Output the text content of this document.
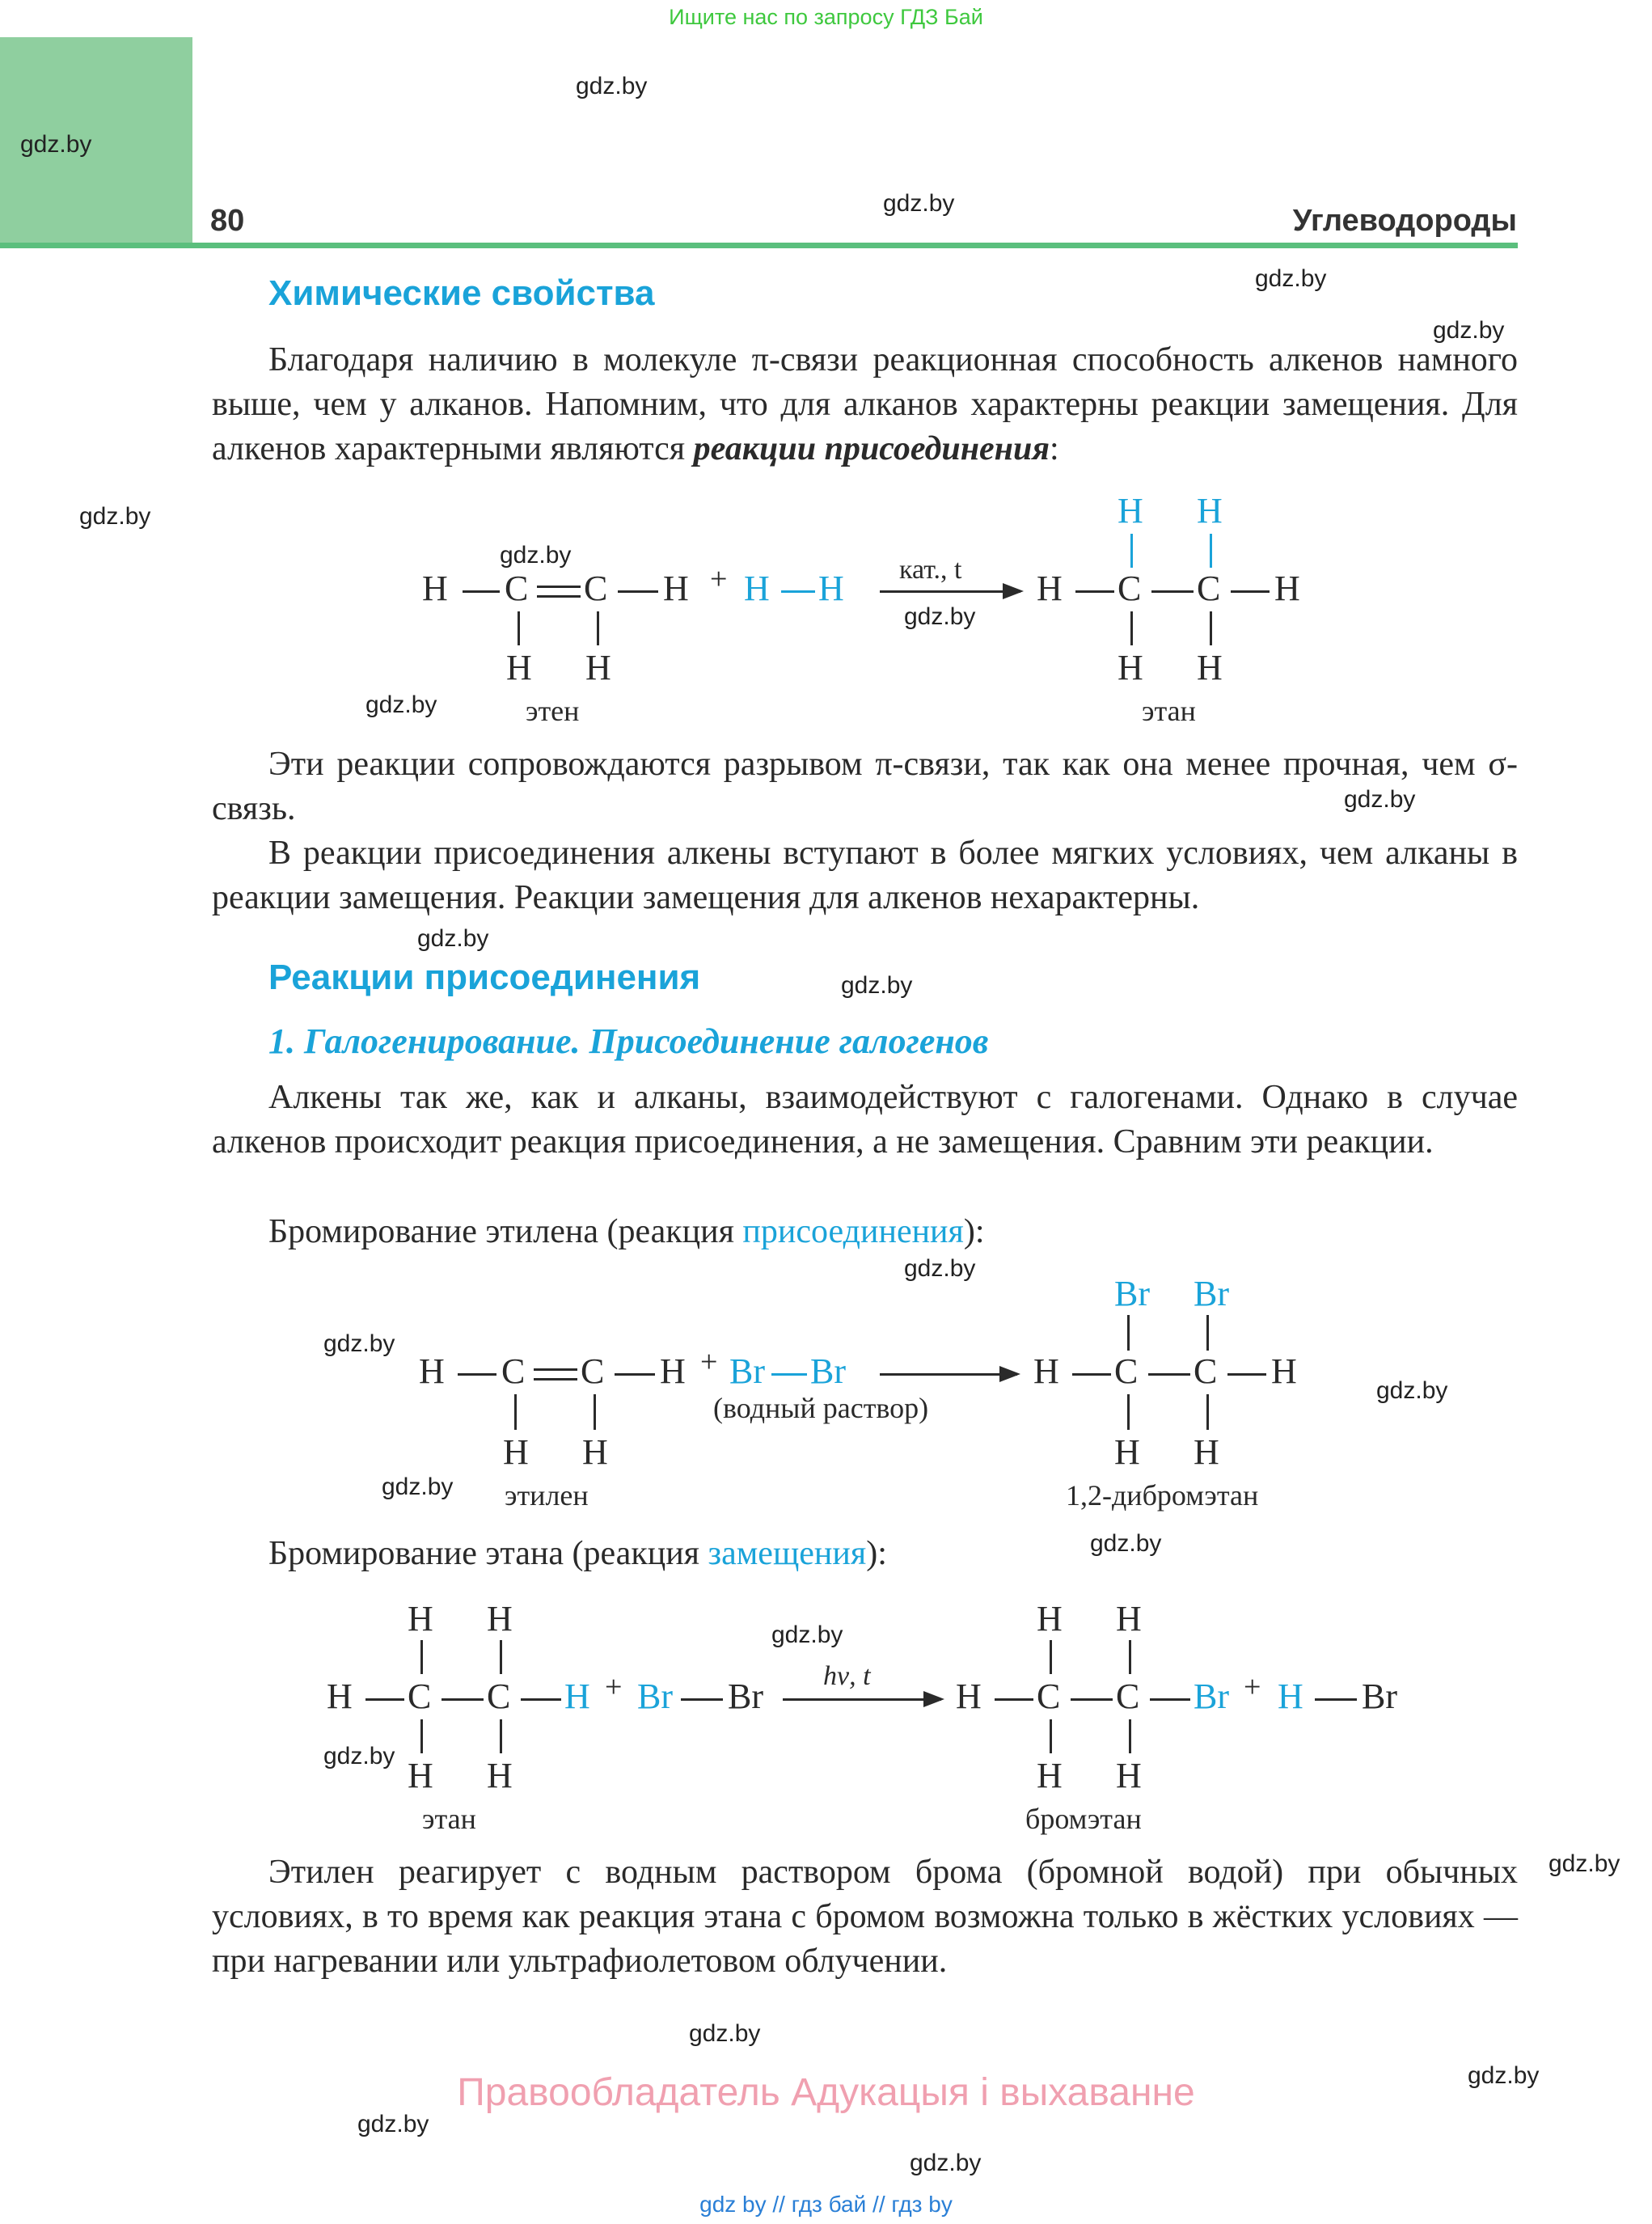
Ищите нас по запросу ГДЗ Бай
80	Углеводороды
gdz.by
gdz.by
gdz.by
gdz.by
gdz.by
gdz.by
gdz.by
gdz.by
gdz.by
gdz.by
gdz.by
gdz.by
gdz.by
gdz.by
gdz.by
gdz.by
gdz.by
gdz.by
gdz.by
gdz.by
gdz.by
gdz.by
gdz.by
gdz.by
Химические свойства

Благодаря наличию в молекуле π-связи реакционная способность алкенов намного выше, чем у алканов. Напомним, что для алканов характерны реакции замещения. Для алкенов характерными являются реакции присоединения:

H C C H
H H
этен
+ H H кат., t H C C H
H H
H H
этан

Эти реакции сопровождаются разрывом π-связи, так как она менее прочная, чем σ-связь.

В реакции присоединения алкены вступают в более мягких условиях, чем алканы в реакции замещения. Реакции замещения для алкенов нехарактерны.

Реакции присоединения
1. Галогенирование. Присоединение галогенов

Алкены так же, как и алканы, взаимодействуют с галогенами. Однако в случае алкенов происходит реакция присоединения, а не замещения. Сравним эти реакции.

Бромирование этилена (реакция присоединения):
H C C H
H H
этилен
+ Br Br
(водный раствор)
H C C H
Br Br
H H
1,2-дибромэтан
Бромирование этана (реакция замещения):
H H
H C C H
H H
этан
+ Br Br
hν, t
H C C Br
H H
H H
бромэтан
+ H Br

Этилен реагирует с водным раствором брома (бромной водой) при обычных условиях, в то время как реакция этана с бромом возможна только в жёстких условиях — при нагревании или ультрафиолетовом облучении.

Правообладатель Адукацыя і выхаванне
gdz by // гдз бай // гдз by
